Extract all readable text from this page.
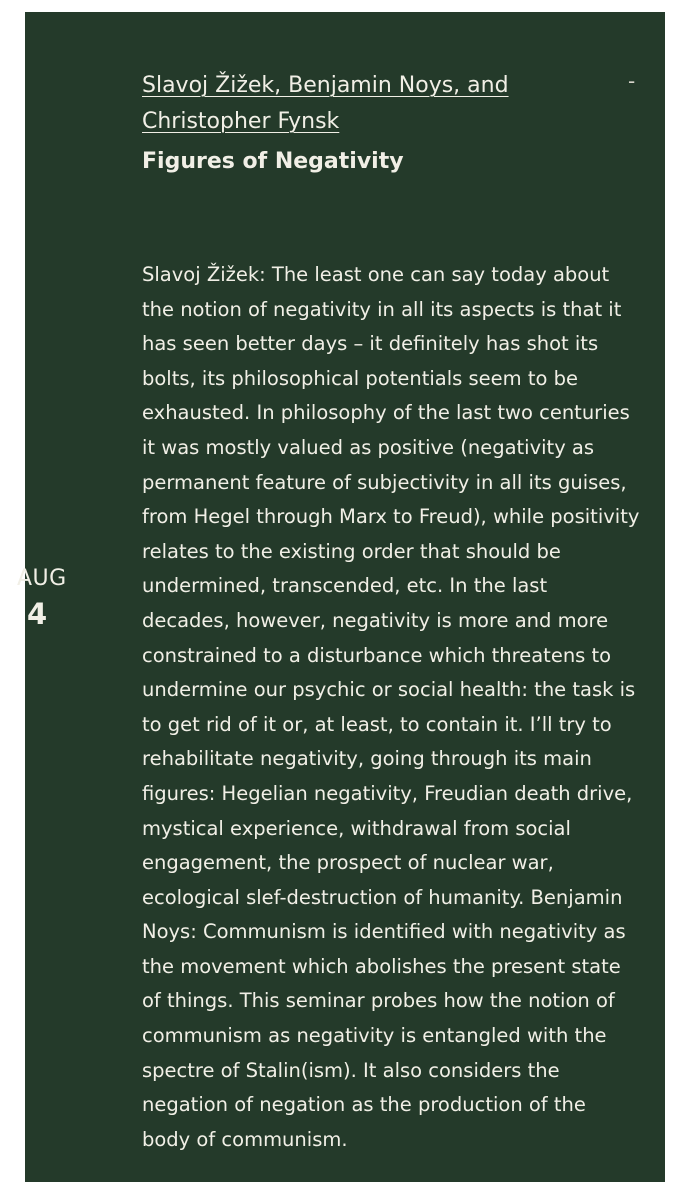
AUG
4
-
Slavoj Žižek, Benjamin Noys, and Christopher Fynsk
Figures of Negativity

Slavoj Žižek: The least one can say today about the notion of negativity in all its aspects is that it has seen better days – it definitely has shot its bolts, its philosophical potentials seem to be exhausted. In philosophy of the last two centuries it was mostly valued as positive (negativity as permanent feature of subjectivity in all its guises, from Hegel through Marx to Freud), while positivity relates to the existing order that should be undermined, transcended, etc. In the last decades, however, negativity is more and more constrained to a disturbance which threatens to undermine our psychic or social health: the task is to get rid of it or, at least, to contain it. I’ll try to rehabilitate negativity, going through its main figures: Hegelian negativity, Freudian death drive, mystical experience, withdrawal from social engagement, the prospect of nuclear war, ecological slef-destruction of humanity. Benjamin Noys: Communism is identified with negativity as the movement which abolishes the present state of things. This seminar probes how the notion of communism as negativity is entangled with the spectre of Stalin(ism). It also considers the negation of negation as the production of the body of communism.
